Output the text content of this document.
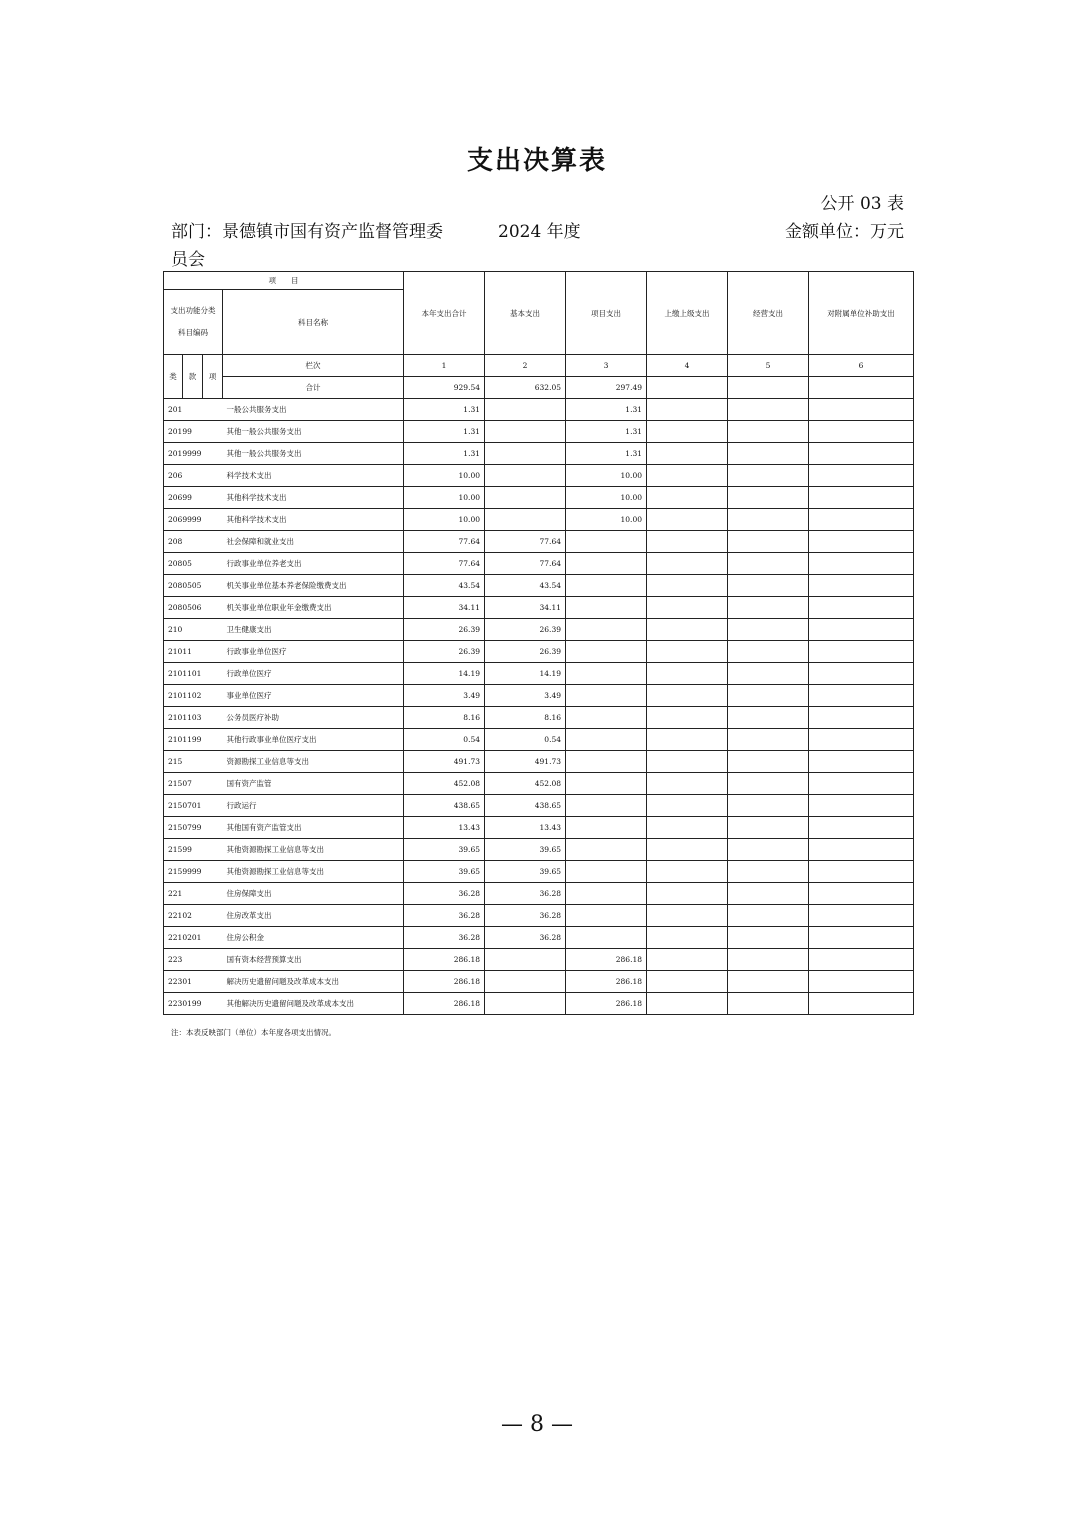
支出决算表
公开 03 表
部门：景德镇市国有资产监督管理委员会
2024 年度	金额单位：万元
项　　目				本年支出合计	基本支出	项目支出	上缴上级支出	经营支出	对附属单位补助支出
支出功能分类科目编码			科目名称						
类	款	项	栏次	1	2	3	4	5	6
			合计	929.54	632.05	297.49			
201			一般公共服务支出	1.31		1.31			
20199			其他一般公共服务支出	1.31		1.31			
2019999			其他一般公共服务支出	1.31		1.31			
206			科学技术支出	10.00		10.00			
20699			其他科学技术支出	10.00		10.00			
2069999			其他科学技术支出	10.00		10.00			
208			社会保障和就业支出	77.64	77.64				
20805			行政事业单位养老支出	77.64	77.64				
2080505			机关事业单位基本养老保险缴费支出	43.54	43.54				
2080506			机关事业单位职业年金缴费支出	34.11	34.11				
210			卫生健康支出	26.39	26.39				
21011			行政事业单位医疗	26.39	26.39				
2101101			行政单位医疗	14.19	14.19				
2101102			事业单位医疗	3.49	3.49				
2101103			公务员医疗补助	8.16	8.16				
2101199			其他行政事业单位医疗支出	0.54	0.54				
215			资源勘探工业信息等支出	491.73	491.73				
21507			国有资产监管	452.08	452.08				
2150701			行政运行	438.65	438.65				
2150799			其他国有资产监管支出	13.43	13.43				
21599			其他资源勘探工业信息等支出	39.65	39.65				
2159999			其他资源勘探工业信息等支出	39.65	39.65				
221			住房保障支出	36.28	36.28				
22102			住房改革支出	36.28	36.28				
2210201			住房公积金	36.28	36.28				
223			国有资本经营预算支出	286.18		286.18			
22301			解决历史遗留问题及改革成本支出	286.18		286.18			
2230199			其他解决历史遗留问题及改革成本支出	286.18		286.18			
注：本表反映部门（单位）本年度各项支出情况。
— 8 —
